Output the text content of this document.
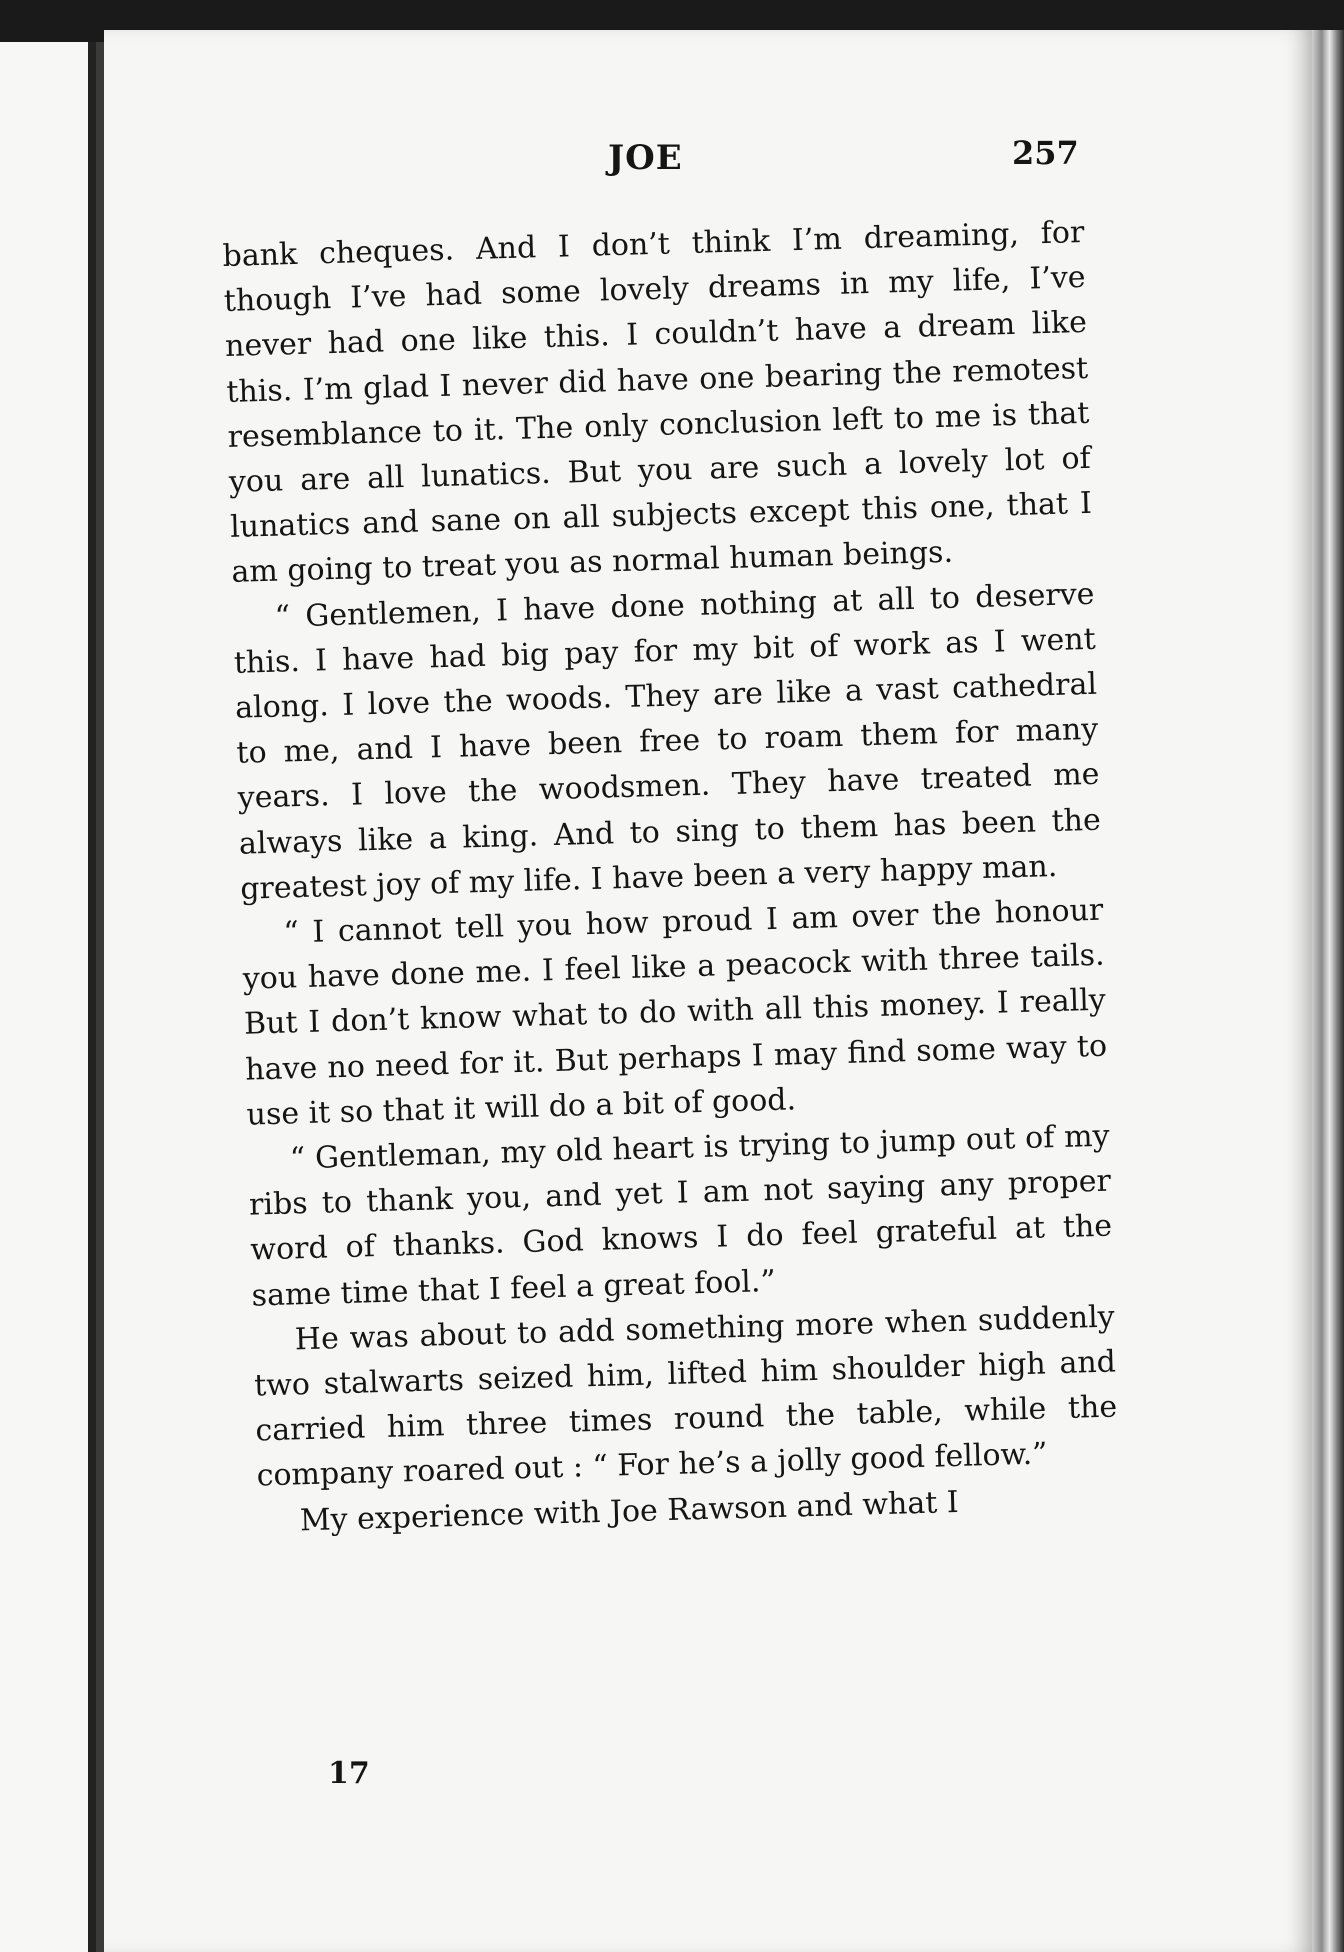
JOE	257

bank cheques. And I don’t think I’m dreaming, for though I’ve had some lovely dreams in my life, I’ve never had one like this. I couldn’t have a dream like this. I’m glad I never did have one bearing the remotest resemblance to it. The only conclusion left to me is that you are all lunatics. But you are such a lovely lot of lunatics and sane on all subjects except this one, that I am going to treat you as normal human beings.

“ Gentlemen, I have done nothing at all to deserve this. I have had big pay for my bit of work as I went along. I love the woods. They are like a vast cathedral to me, and I have been free to roam them for many years. I love the woodsmen. They have treated me always like a king. And to sing to them has been the greatest joy of my life. I have been a very happy man.

“ I cannot tell you how proud I am over the honour you have done me. I feel like a peacock with three tails. But I don’t know what to do with all this money. I really have no need for it. But perhaps I may find some way to use it so that it will do a bit of good.

“ Gentleman, my old heart is trying to jump out of my ribs to thank you, and yet I am not saying any proper word of thanks. God knows I do feel grateful at the same time that I feel a great fool.”

He was about to add something more when suddenly two stalwarts seized him, lifted him shoulder high and carried him three times round the table, while the company roared out : “ For he’s a jolly good fellow.”

My experience with Joe Rawson and what I

17
